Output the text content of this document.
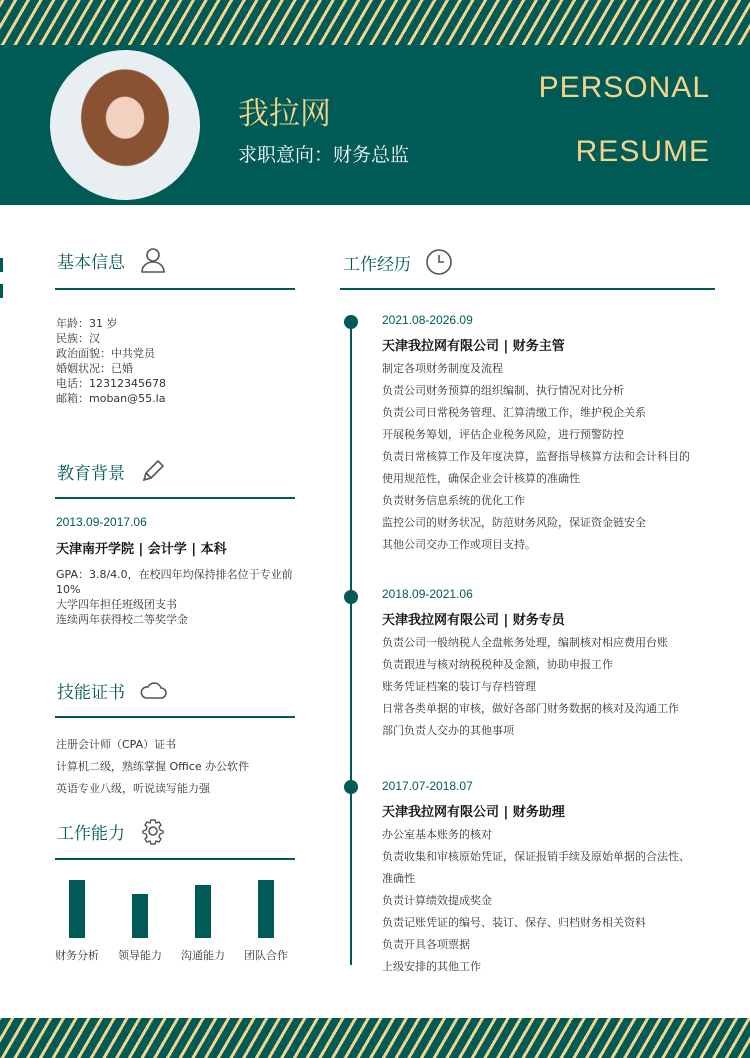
我拉网
求职意向：财务总监
PERSONAL
RESUME
基本信息
年龄：31 岁
民族：汉
政治面貌：中共党员
婚姻状况：已婚
电话：12312345678
邮箱：moban@55.la
教育背景
2013.09-2017.06
天津南开学院 | 会计学 | 本科
GPA：3.8/4.0，在校四年均保持排名位于专业前 10%
大学四年担任班级团支书
连续两年获得校二等奖学金
技能证书
注册会计师（CPA）证书
计算机二级，熟练掌握 Office 办公软件
英语专业八级，听说读写能力强
工作能力
财务分析	领导能力	沟通能力	团队合作
工作经历
2021.08-2026.09
天津我拉网有限公司 | 财务主管
制定各项财务制度及流程
负责公司财务预算的组织编制、执行情况对比分析
负责公司日常税务管理、汇算清缴工作，维护税企关系
开展税务筹划，评估企业税务风险，进行预警防控
负责日常核算工作及年度决算，监督指导核算方法和会计科目的
使用规范性，确保企业会计核算的准确性
负责财务信息系统的优化工作
监控公司的财务状况，防范财务风险，保证资金链安全
其他公司交办工作或项目支持。
2018.09-2021.06
天津我拉网有限公司 | 财务专员
负责公司一般纳税人全盘帐务处理，编制核对相应费用台账
负责跟进与核对纳税税种及金额，协助申报工作
账务凭证档案的装订与存档管理
日常各类单据的审核，做好各部门财务数据的核对及沟通工作
部门负责人交办的其他事项
2017.07-2018.07
天津我拉网有限公司 | 财务助理
办公室基本账务的核对
负责收集和审核原始凭证，保证报销手续及原始单据的合法性、
准确性
负责计算绩效提成奖金
负责记账凭证的编号、装订、保存、归档财务相关资料
负责开具各项票据
上级安排的其他工作
